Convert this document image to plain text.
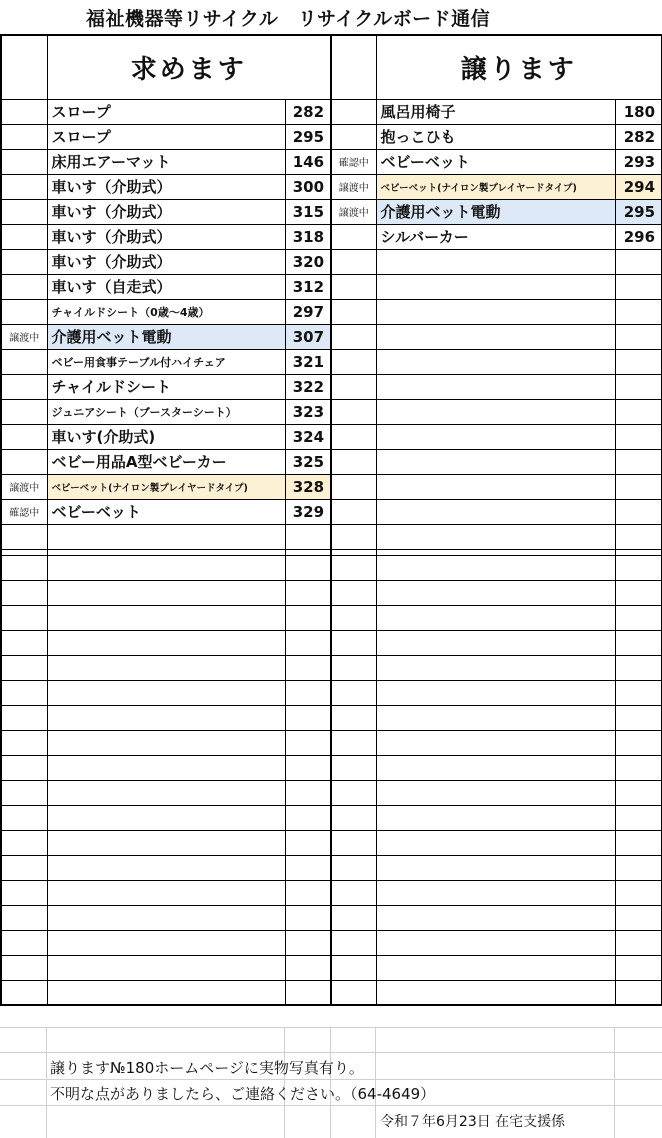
福祉機器等リサイクル　リサイクルボード通信
	求めます			譲ります	
	スロープ	282		風呂用椅子	180
	スロープ	295		抱っこひも	282
	床用エアーマット	146	確認中	ベビーベット	293
	車いす（介助式）	300	譲渡中	ベビーベット(ナイロン製プレイヤードタイプ)	294
	車いす（介助式）	315	譲渡中	介護用ベット電動	295
	車いす（介助式）	318		シルバーカー	296
	車いす（介助式）	320			
	車いす（自走式）	312			
	チャイルドシート（0歳～4歳）	297			
譲渡中	介護用ベット電動	307			
	ベビー用食事テーブル付ハイチェア	321			
	チャイルドシート	322			
	ジュニアシート（ブースターシート）	323			
	車いす(介助式)	324			
	ベビー用品A型ベビーカー	325			
譲渡中	ベビーベット(ナイロン製プレイヤードタイプ)	328			
確認中	ベビーベット	329			

譲ります№180ホームページに実物写真有り。
不明な点がありましたら、ご連絡ください。（64-4649）
令和７年6月23日 在宅支援係
